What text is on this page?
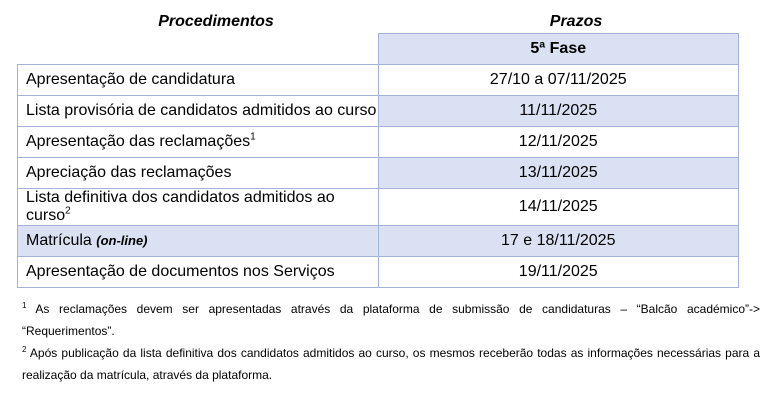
Procedimentos	Prazos
	5ª Fase
Apresentação de candidatura	27/10 a 07/11/2025
Lista provisória de candidatos admitidos ao curso	11/11/2025
Apresentação das reclamações$^1$	12/11/2025
Apreciação das reclamações	13/11/2025
Lista definitiva dos candidatos admitidos ao curso$^2$	14/11/2025
Matrícula (on-line)	17 e 18/11/2025
Apresentação de documentos nos Serviços	19/11/2025
$^1$ As reclamações devem ser apresentadas através da plataforma de submissão de candidaturas – “Balcão académico”-> “Requerimentos”.
$^2$ Após publicação da lista definitiva dos candidatos admitidos ao curso, os mesmos receberão todas as informações necessárias para a realização da matrícula, através da plataforma.
